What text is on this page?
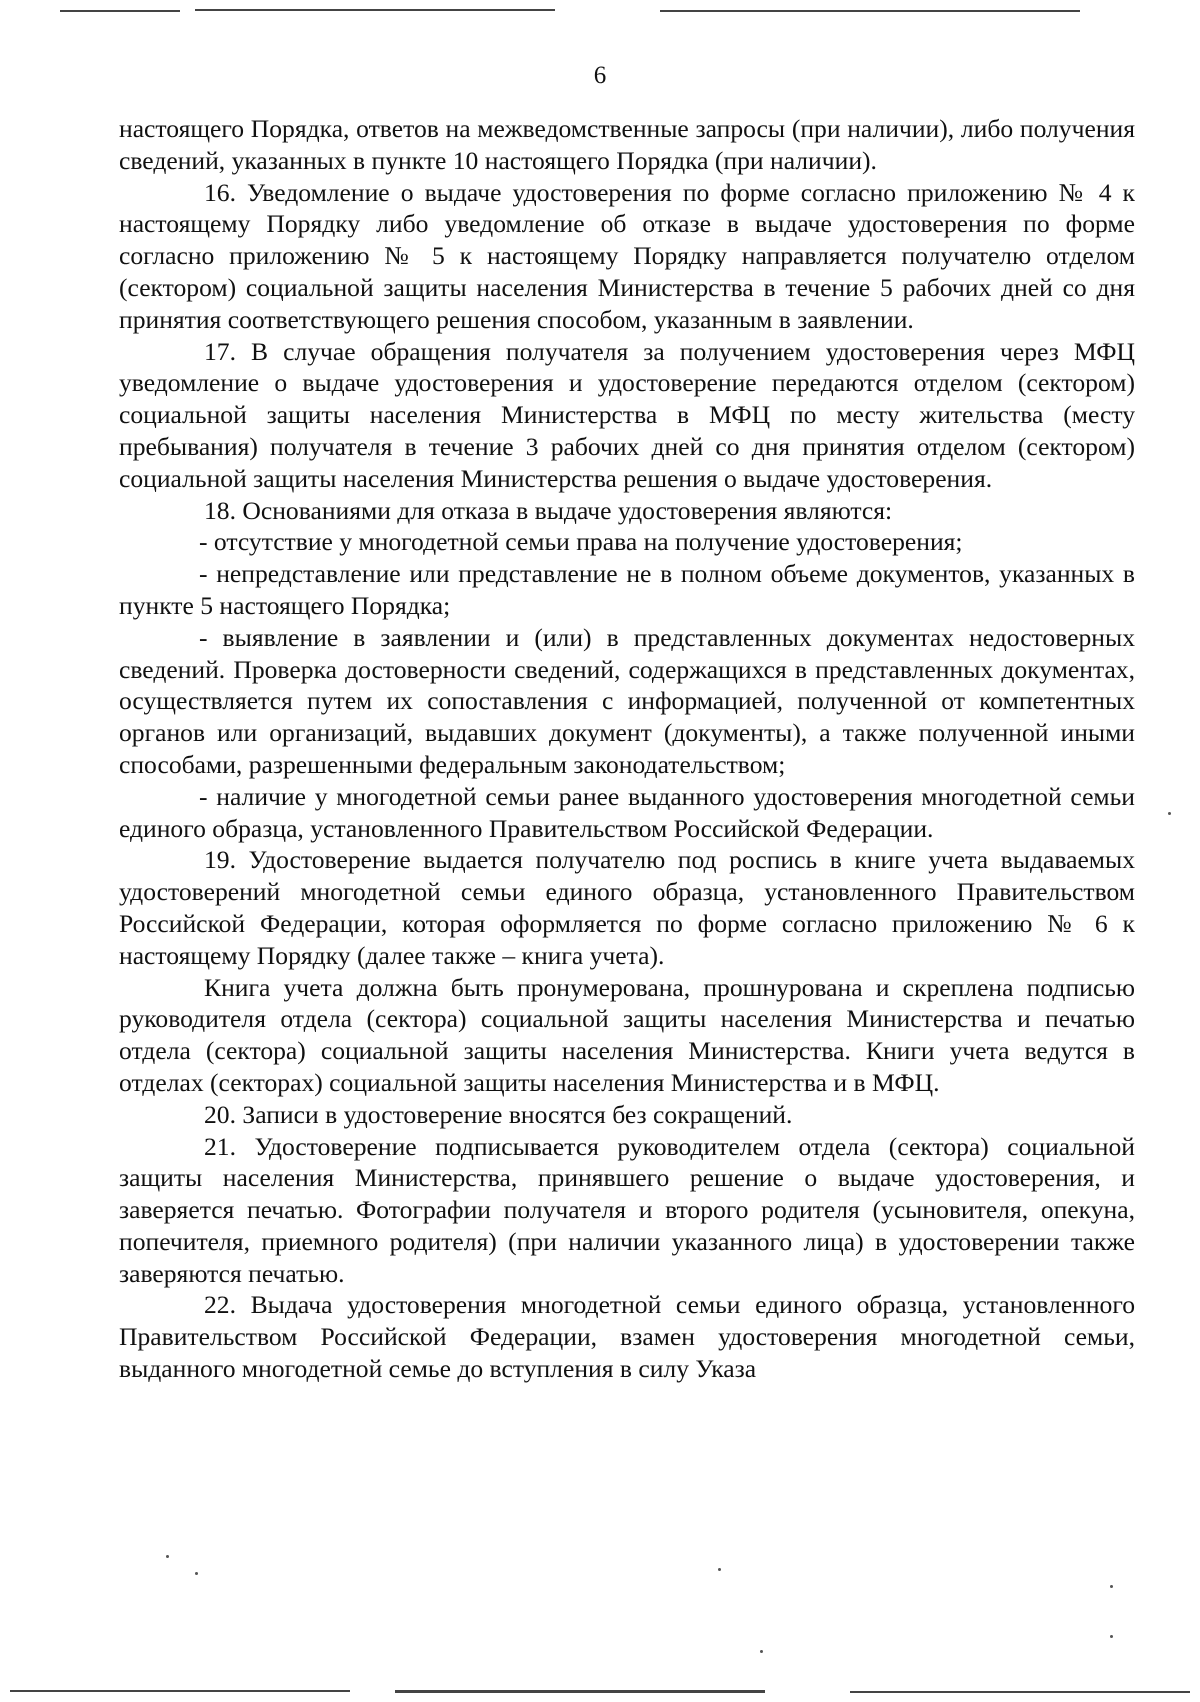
6

настоящего Порядка, ответов на межведомственные запросы (при наличии), либо получения сведений, указанных в пункте 10 настоящего Порядка (при наличии).

16. Уведомление о выдаче удостоверения по форме согласно приложению № 4 к настоящему Порядку либо уведомление об отказе в выдаче удостоверения по форме согласно приложению № 5 к настоящему Порядку направляется получателю отделом (сектором) социальной защиты населения Министерства в течение 5 рабочих дней со дня принятия соответствующего решения способом, указанным в заявлении.

17. В случае обращения получателя за получением удостоверения через МФЦ уведомление о выдаче удостоверения и удостоверение передаются отделом (сектором) социальной защиты населения Министерства в МФЦ по месту жительства (месту пребывания) получателя в течение 3 рабочих дней со дня принятия отделом (сектором) социальной защиты населения Министерства решения о выдаче удостоверения.

18. Основаниями для отказа в выдаче удостоверения являются:

- отсутствие у многодетной семьи права на получение удостоверения;

- непредставление или представление не в полном объеме документов, указанных в пункте 5 настоящего Порядка;

- выявление в заявлении и (или) в представленных документах недостоверных сведений. Проверка достоверности сведений, содержащихся в представленных документах, осуществляется путем их сопоставления с информацией, полученной от компетентных органов или организаций, выдавших документ (документы), а также полученной иными способами, разрешенными федеральным законодательством;

- наличие у многодетной семьи ранее выданного удостоверения многодетной семьи единого образца, установленного Правительством Российской Федерации.

19. Удостоверение выдается получателю под роспись в книге учета выдаваемых удостоверений многодетной семьи единого образца, установленного Правительством Российской Федерации, которая оформляется по форме согласно приложению № 6 к настоящему Порядку (далее также – книга учета).

Книга учета должна быть пронумерована, прошнурована и скреплена подписью руководителя отдела (сектора) социальной защиты населения Министерства и печатью отдела (сектора) социальной защиты населения Министерства. Книги учета ведутся в отделах (секторах) социальной защиты населения Министерства и в МФЦ.

20. Записи в удостоверение вносятся без сокращений.

21. Удостоверение подписывается руководителем отдела (сектора) социальной защиты населения Министерства, принявшего решение о выдаче удостоверения, и заверяется печатью. Фотографии получателя и второго родителя (усыновителя, опекуна, попечителя, приемного родителя) (при наличии указанного лица) в удостоверении также заверяются печатью.

22. Выдача удостоверения многодетной семьи единого образца, установленного Правительством Российской Федерации, взамен удостоверения многодетной семьи, выданного многодетной семье до вступления в силу Указа
